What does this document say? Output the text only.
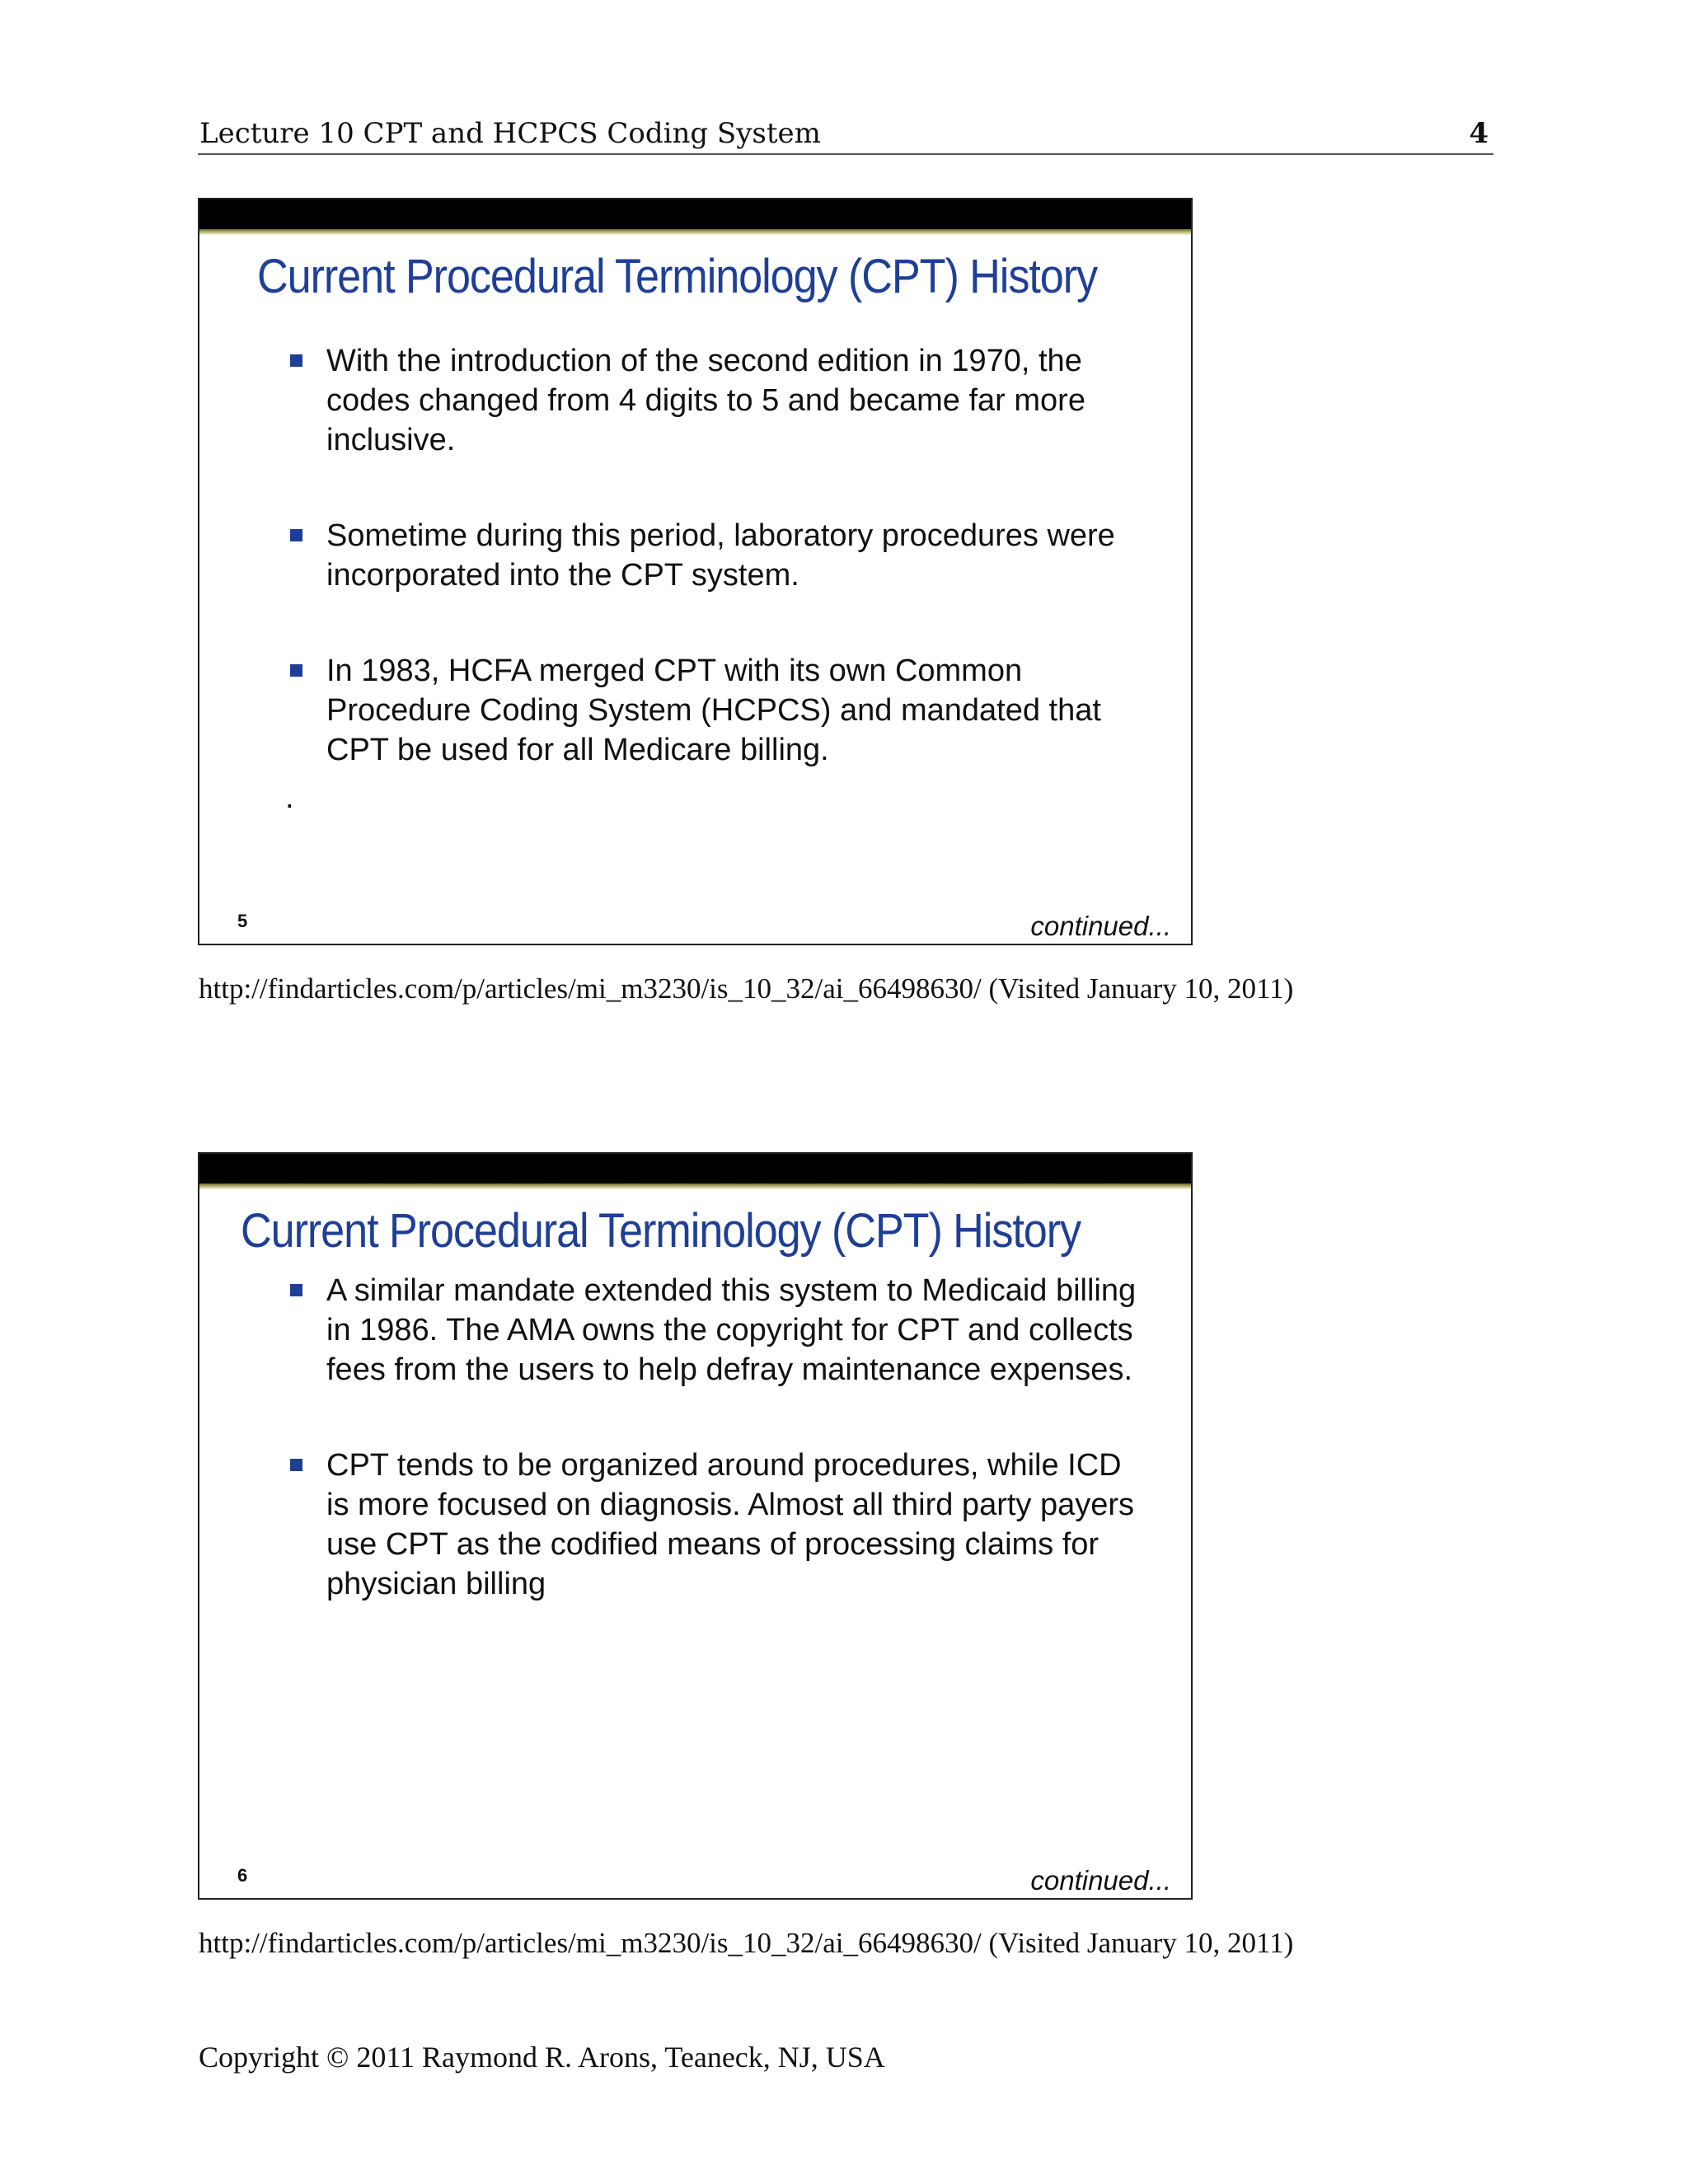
Lecture 10 CPT and HCPCS Coding System	4
Current Procedural Terminology (CPT) History
With the introduction of the second edition in 1970, the codes changed from 4 digits to 5 and became far more inclusive.
Sometime during this period, laboratory procedures were incorporated into the CPT system.
In 1983, HCFA merged CPT with its own Common Procedure Coding System (HCPCS) and mandated that CPT be used for all Medicare billing.
.
5	continued...
http://findarticles.com/p/articles/mi_m3230/is_10_32/ai_66498630/ (Visited January 10, 2011)
Current Procedural Terminology (CPT) History
A similar mandate extended this system to Medicaid billing in 1986. The AMA owns the copyright for CPT and collects fees from the users to help defray maintenance expenses.
CPT tends to be organized around procedures, while ICD is more focused on diagnosis. Almost all third party payers use CPT as the codified means of processing claims for physician billing
6	continued...
http://findarticles.com/p/articles/mi_m3230/is_10_32/ai_66498630/ (Visited January 10, 2011)
Copyright © 2011 Raymond R. Arons, Teaneck, NJ, USA
